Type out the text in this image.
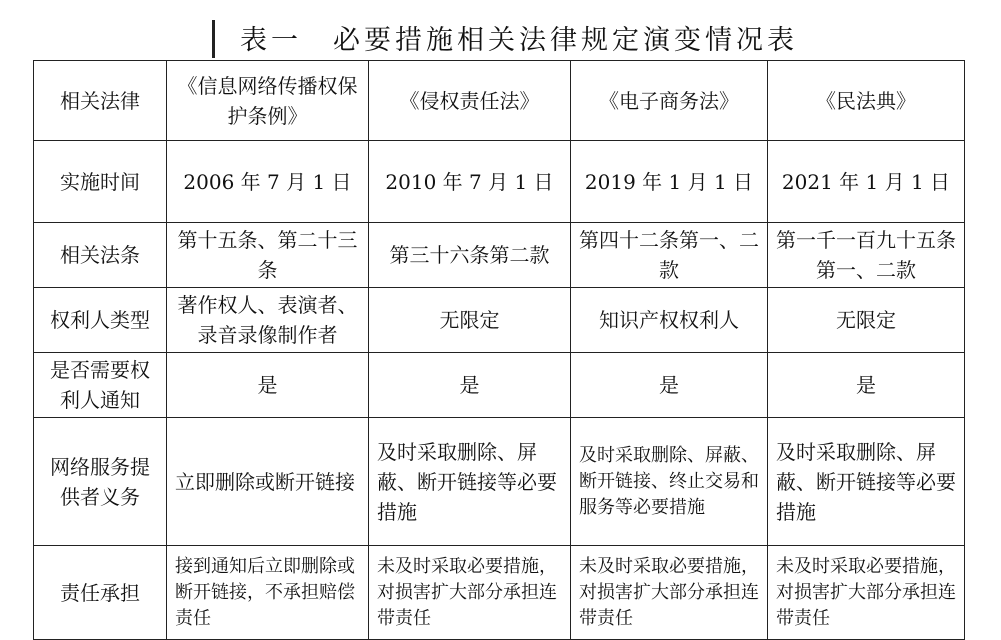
表一　必要措施相关法律规定演变情况表
相关法律	《信息网络传播权保护条例》	《侵权责任法》	《电子商务法》	《民法典》
实施时间	2006 年 7 月 1 日	2010 年 7 月 1 日	2019 年 1 月 1 日	2021 年 1 月 1 日
相关法条	第十五条、第二十三条	第三十六条第二款	第四十二条第一、二款	第一千一百九十五条第一、二款
权利人类型	著作权人、表演者、录音录像制作者	无限定	知识产权权利人	无限定
是否需要权利人通知	是	是	是	是
网络服务提供者义务	立即删除或断开链接	及时采取删除、屏蔽、断开链接等必要措施	及时采取删除、屏蔽、断开链接、终止交易和服务等必要措施	及时采取删除、屏蔽、断开链接等必要措施
责任承担	接到通知后立即删除或断开链接，不承担赔偿责任	未及时采取必要措施，对损害扩大部分承担连带责任	未及时采取必要措施，对损害扩大部分承担连带责任	未及时采取必要措施，对损害扩大部分承担连带责任
